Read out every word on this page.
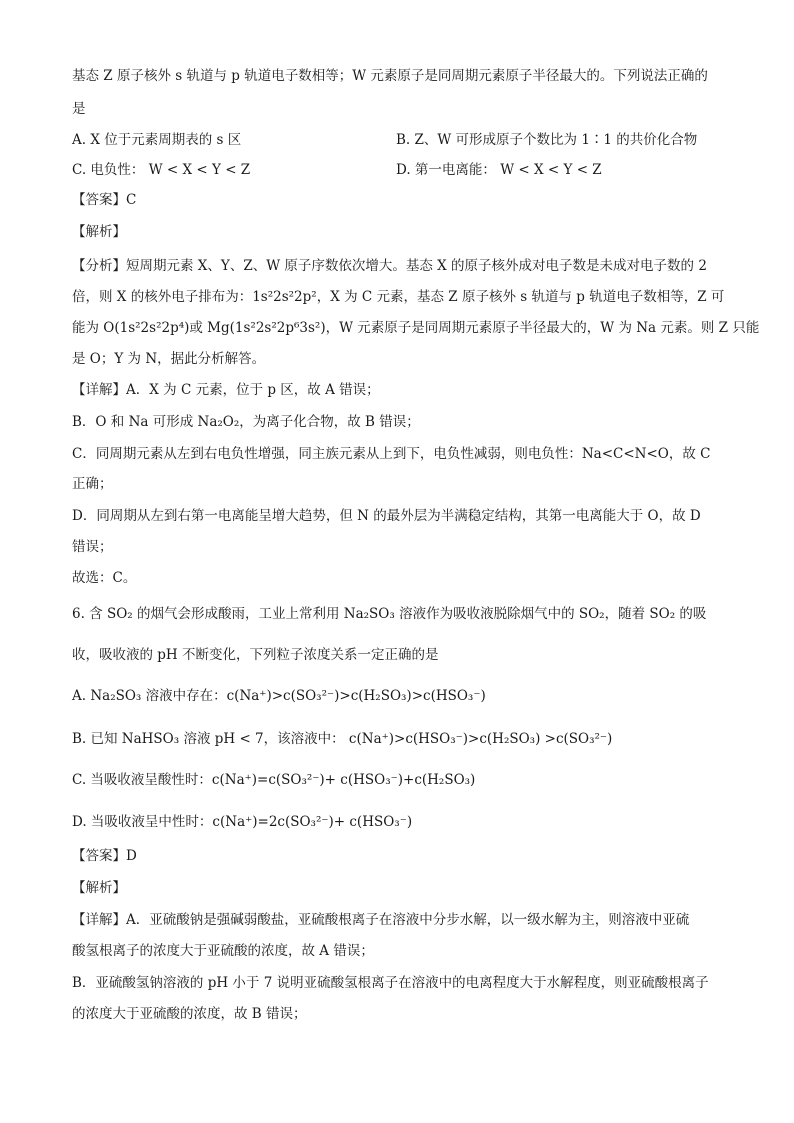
基态 Z 原子核外 s 轨道与 p 轨道电子数相等；W 元素原子是同周期元素原子半径最大的。下列说法正确的
是
A. X 位于元素周期表的 s 区	B. Z、W 可形成原子个数比为 1∶1 的共价化合物
C. 电负性： W < X < Y < Z	D. 第一电离能： W < X < Y < Z
【答案】C
【解析】
【分析】短周期元素 X、Y、Z、W 原子序数依次增大。基态 X 的原子核外成对电子数是未成对电子数的 2
倍，则 X 的核外电子排布为：1s²2s²2p²，X 为 C 元素，基态 Z 原子核外 s 轨道与 p 轨道电子数相等，Z 可
能为 O(1s²2s²2p⁴)或 Mg(1s²2s²2p⁶3s²)，W 元素原子是同周期元素原子半径最大的，W 为 Na 元素。则 Z 只能
是 O；Y 为 N，据此分析解答。
【详解】A．X 为 C 元素，位于 p 区，故 A 错误；
B．O 和 Na 可形成 Na₂O₂，为离子化合物，故 B 错误；
C．同周期元素从左到右电负性增强，同主族元素从上到下，电负性减弱，则电负性：Na<C<N<O，故 C
正确；
D．同周期从左到右第一电离能呈增大趋势，但 N 的最外层为半满稳定结构，其第一电离能大于 O，故 D
错误；
故选：C。
6. 含 SO₂ 的烟气会形成酸雨，工业上常利用 Na₂SO₃ 溶液作为吸收液脱除烟气中的 SO₂，随着 SO₂ 的吸
收，吸收液的 pH 不断变化，下列粒子浓度关系一定正确的是
A. Na₂SO₃ 溶液中存在：c(Na⁺)>c(SO₃²⁻)>c(H₂SO₃)>c(HSO₃⁻)
B. 已知 NaHSO₃ 溶液 pH < 7，该溶液中： c(Na⁺)>c(HSO₃⁻)>c(H₂SO₃) >c(SO₃²⁻)
C. 当吸收液呈酸性时：c(Na⁺)=c(SO₃²⁻)+ c(HSO₃⁻)+c(H₂SO₃)
D. 当吸收液呈中性时：c(Na⁺)=2c(SO₃²⁻)+ c(HSO₃⁻)
【答案】D
【解析】
【详解】A．亚硫酸钠是强碱弱酸盐，亚硫酸根离子在溶液中分步水解，以一级水解为主，则溶液中亚硫
酸氢根离子的浓度大于亚硫酸的浓度，故 A 错误；
B．亚硫酸氢钠溶液的 pH 小于 7 说明亚硫酸氢根离子在溶液中的电离程度大于水解程度，则亚硫酸根离子
的浓度大于亚硫酸的浓度，故 B 错误；
